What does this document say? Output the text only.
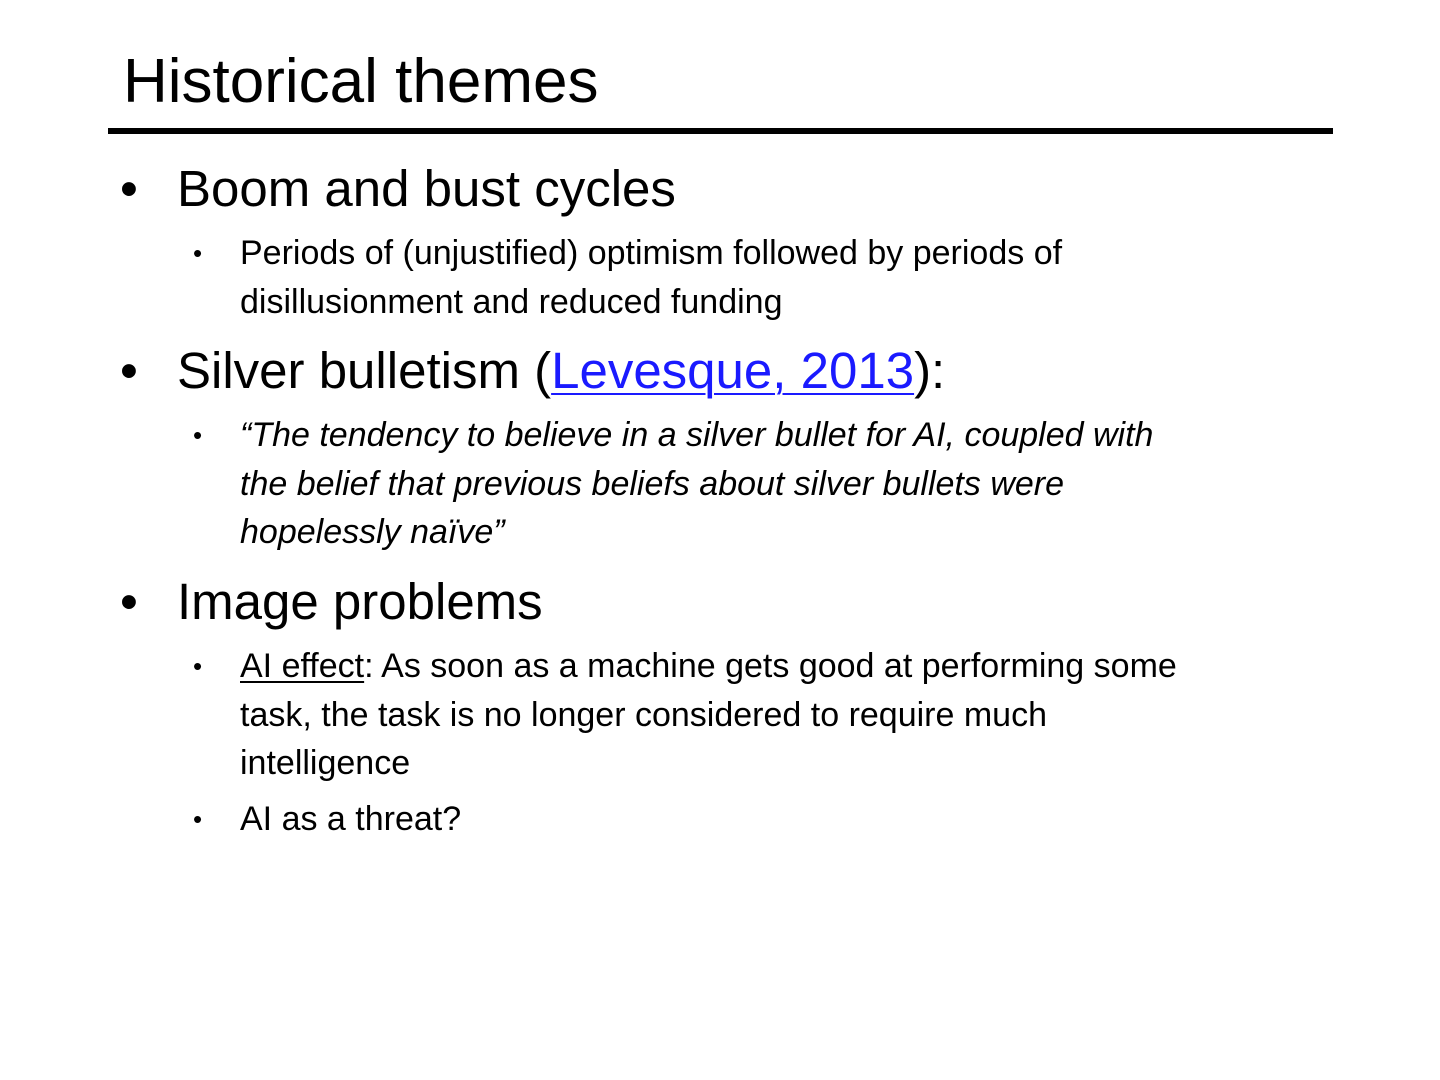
Historical themes
• Boom and bust cycles
• Periods of (unjustified) optimism followed by periods of
disillusionment and reduced funding
• Silver bulletism (Levesque, 2013):
• “The tendency to believe in a silver bullet for AI, coupled with
the belief that previous beliefs about silver bullets were
hopelessly naïve”
• Image problems
• AI effect: As soon as a machine gets good at performing some
task, the task is no longer considered to require much
intelligence
• AI as a threat?
